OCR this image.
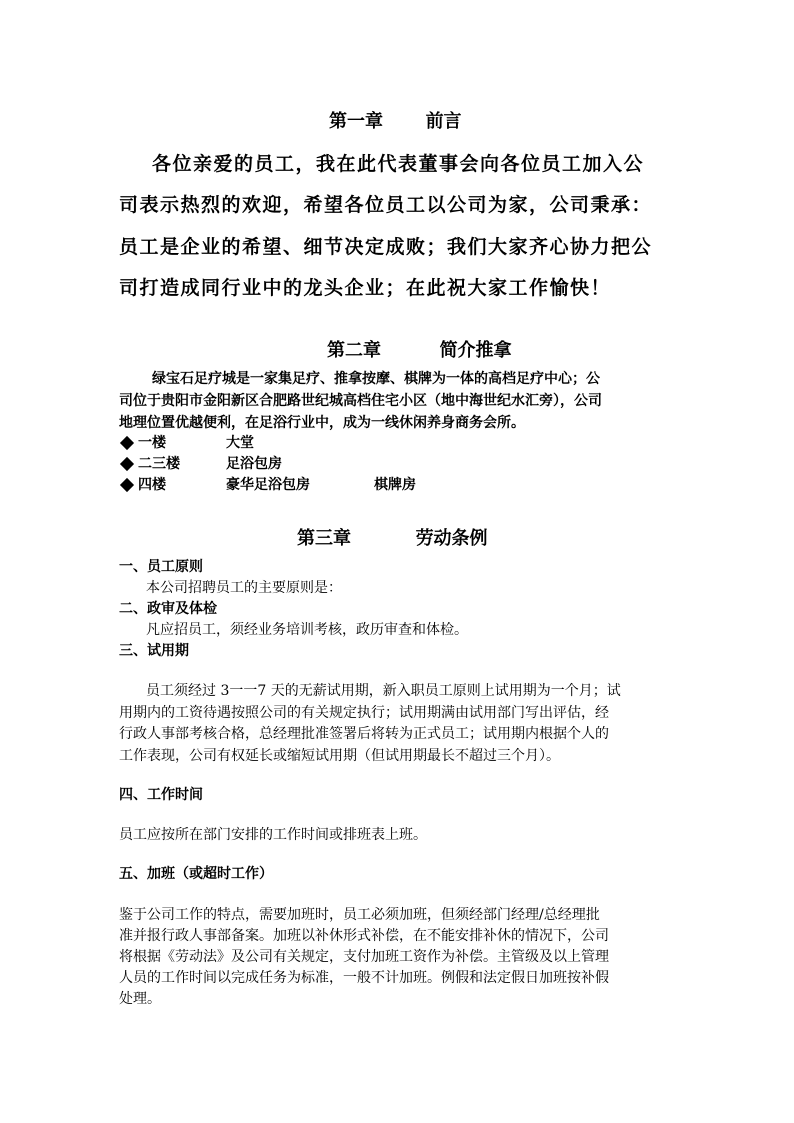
第一章 前言

各位亲爱的员工，我在此代表董事会向各位员工加入公

司表示热烈的欢迎，希望各位员工以公司为家，公司秉承：

员工是企业的希望、细节决定成败；我们大家齐心协力把公

司打造成同行业中的龙头企业；在此祝大家工作愉快！

第二章	简介推拿

绿宝石足疗城是一家集足疗、推拿按摩、棋牌为一体的高档足疗中心；公

司位于贵阳市金阳新区合肥路世纪城高档住宅小区（地中海世纪水汇旁），公司

地理位置优越便利，在足浴行业中，成为一线休闲养身商务会所。

一楼	大堂
二三楼	足浴包房
四楼	豪华足浴包房	棋牌房
第三章	劳动条例

一、员工原则

本公司招聘员工的主要原则是：

二、政审及体检

凡应招员工，须经业务培训考核，政历审查和体检。

三、试用期

员工须经过 3一一7 天的无薪试用期，新入职员工原则上试用期为一个月；试

用期内的工资待遇按照公司的有关规定执行；试用期满由试用部门写出评估，经

行政人事部考核合格，总经理批准签署后将转为正式员工；试用期内根据个人的

工作表现，公司有权延长或缩短试用期（但试用期最长不超过三个月）。

四、工作时间

员工应按所在部门安排的工作时间或排班表上班。

五、加班（或超时工作）

鉴于公司工作的特点，需要加班时，员工必须加班，但须经部门经理/总经理批

准并报行政人事部备案。加班以补休形式补偿，在不能安排补休的情况下，公司

将根据《劳动法》及公司有关规定，支付加班工资作为补偿。主管级及以上管理

人员的工作时间以完成任务为标准，一般不计加班。例假和法定假日加班按补假

处理。
